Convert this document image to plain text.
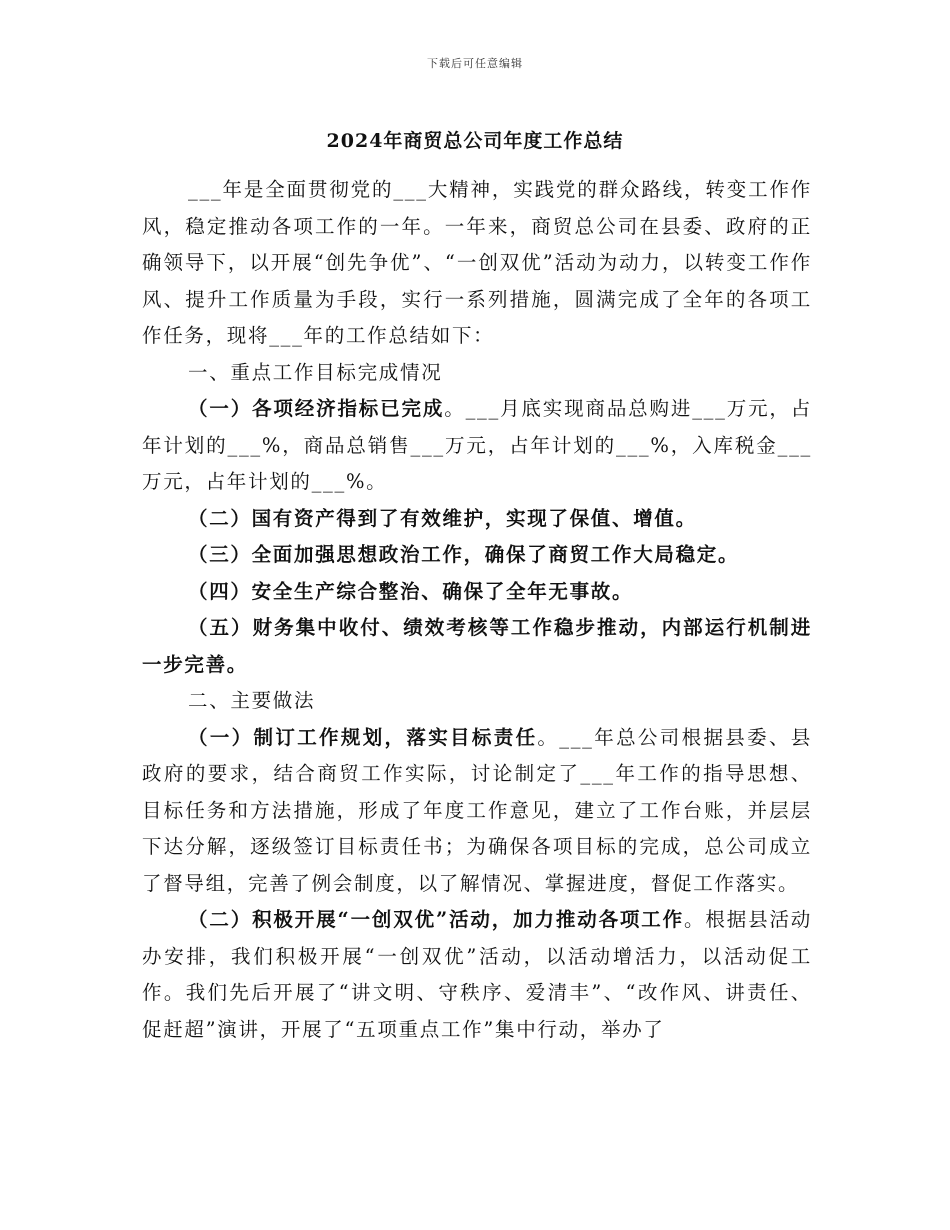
下载后可任意编辑
2024年商贸总公司年度工作总结

___年是全面贯彻党的___大精神，实践党的群众路线，转变工作作风，稳定推动各项工作的一年。一年来，商贸总公司在县委、政府的正确领导下，以开展“创先争优”、“一创双优”活动为动力，以转变工作作风、提升工作质量为手段，实行一系列措施，圆满完成了全年的各项工作任务，现将___年的工作总结如下：

一、重点工作目标完成情况

（一）各项经济指标已完成。___月底实现商品总购进___万元，占年计划的___%，商品总销售___万元，占年计划的___%，入库税金___万元，占年计划的___%。

（二）国有资产得到了有效维护，实现了保值、增值。

（三）全面加强思想政治工作，确保了商贸工作大局稳定。

（四）安全生产综合整治、确保了全年无事故。

（五）财务集中收付、绩效考核等工作稳步推动，内部运行机制进一步完善。

二、主要做法

（一）制订工作规划，落实目标责任。___年总公司根据县委、县政府的要求，结合商贸工作实际，讨论制定了___年工作的指导思想、目标任务和方法措施，形成了年度工作意见，建立了工作台账，并层层下达分解，逐级签订目标责任书；为确保各项目标的完成，总公司成立了督导组，完善了例会制度，以了解情况、掌握进度，督促工作落实。

（二）积极开展“一创双优”活动，加力推动各项工作。根据县活动办安排，我们积极开展“一创双优”活动，以活动增活力，以活动促工作。我们先后开展了“讲文明、守秩序、爱清丰”、“改作风、讲责任、促赶超”演讲，开展了“五项重点工作”集中行动，举办了
